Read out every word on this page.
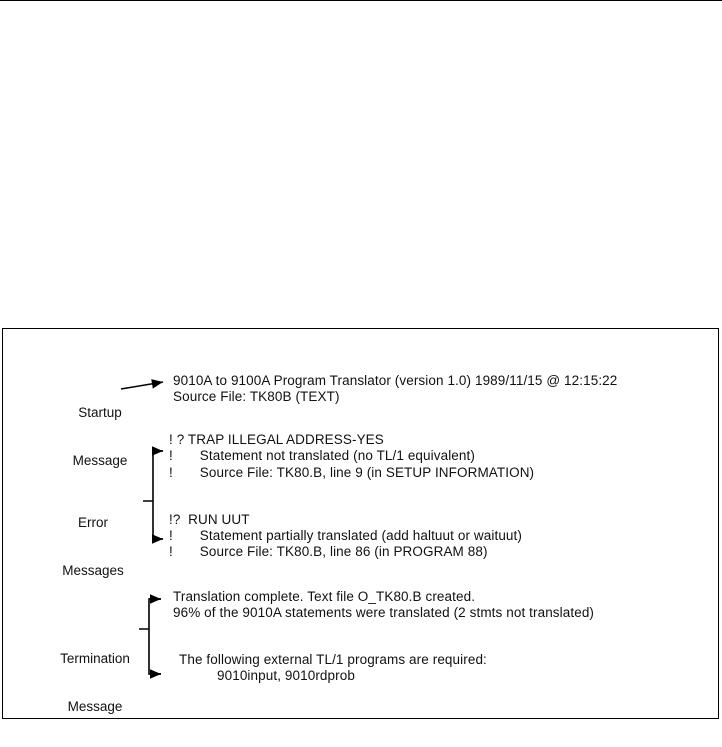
Startup

Message

9010A to 9100A Program Translator (version 1.0) 1989/11/15 @ 12:15:22
Source File: TK80B (TEXT)

Error

Messages

! ? TRAP ILLEGAL ADDRESS-YES
!       Statement not translated (no TL/1 equivalent)
!       Source File: TK80.B, line 9 (in SETUP INFORMATION)
!?  RUN UUT
!       Statement partially translated (add haltuut or waituut)
!       Source File: TK80.B, line 86 (in PROGRAM 88)

Termination

Message

Translation complete. Text file O_TK80.B created.
96% of the 9010A statements were translated (2 stmts not translated)
The following external TL/1 programs are required:
9010input, 9010rdprob
